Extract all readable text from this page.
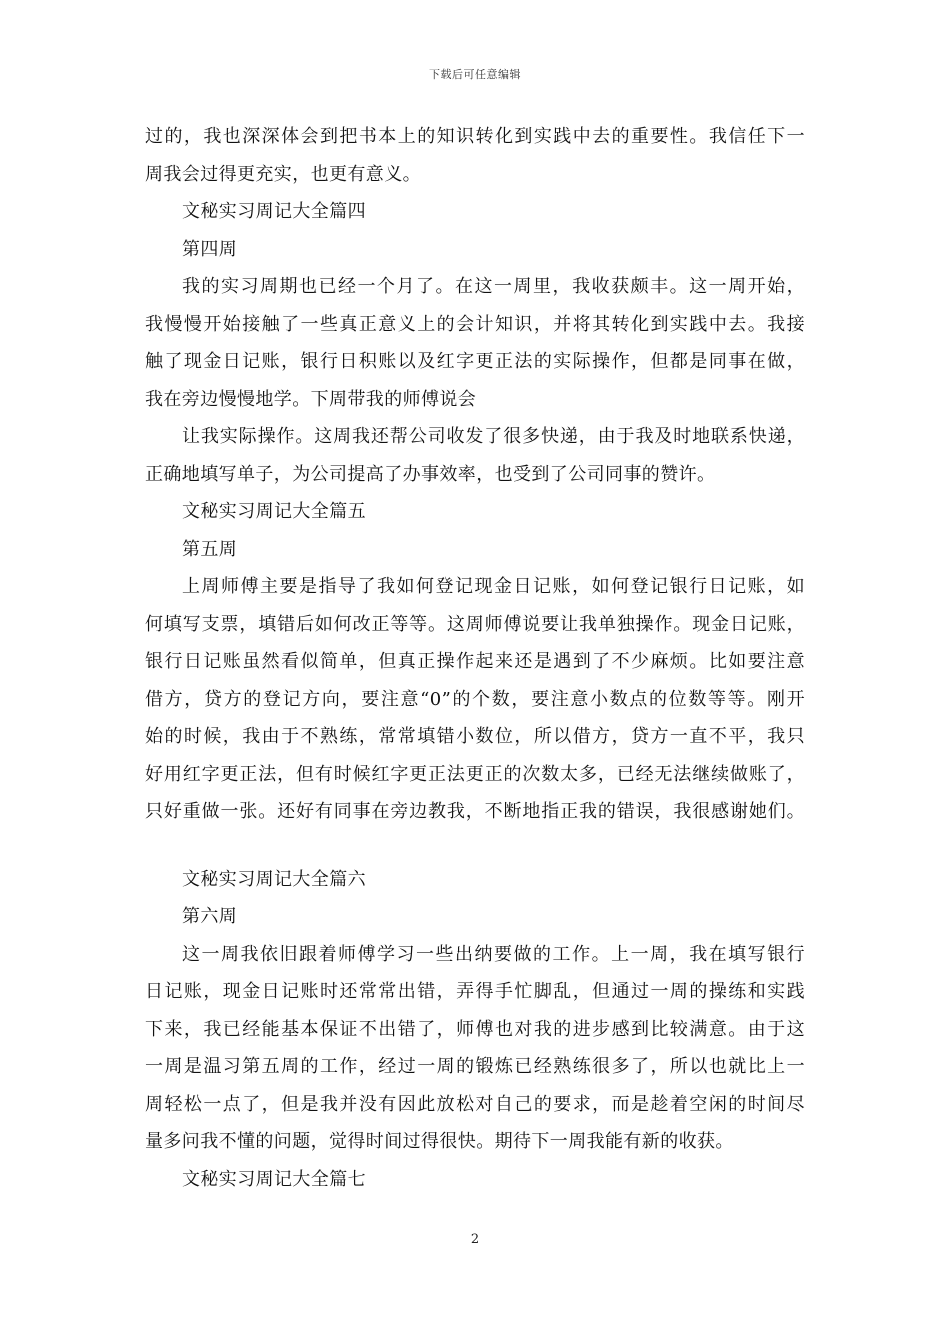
下载后可任意编辑
过的，我也深深体会到把书本上的知识转化到实践中去的重要性。我信任下一
周我会过得更充实，也更有意义。
文秘实习周记大全篇四
第四周
我的实习周期也已经一个月了。在这一周里，我收获颇丰。这一周开始，
我慢慢开始接触了一些真正意义上的会计知识，并将其转化到实践中去。我接
触了现金日记账，银行日积账以及红字更正法的实际操作，但都是同事在做，
我在旁边慢慢地学。下周带我的师傅说会
让我实际操作。这周我还帮公司收发了很多快递，由于我及时地联系快递，
正确地填写单子，为公司提高了办事效率，也受到了公司同事的赞许。
文秘实习周记大全篇五
第五周
上周师傅主要是指导了我如何登记现金日记账，如何登记银行日记账，如
何填写支票，填错后如何改正等等。这周师傅说要让我单独操作。现金日记账，
银行日记账虽然看似简单，但真正操作起来还是遇到了不少麻烦。比如要注意
借方，贷方的登记方向，要注意“0”的个数，要注意小数点的位数等等。刚开
始的时候，我由于不熟练，常常填错小数位，所以借方，贷方一直不平，我只
好用红字更正法，但有时候红字更正法更正的次数太多，已经无法继续做账了，
只好重做一张。还好有同事在旁边教我，不断地指正我的错误，我很感谢她们。
文秘实习周记大全篇六
第六周
这一周我依旧跟着师傅学习一些出纳要做的工作。上一周，我在填写银行
日记账，现金日记账时还常常出错，弄得手忙脚乱，但通过一周的操练和实践
下来，我已经能基本保证不出错了，师傅也对我的进步感到比较满意。由于这
一周是温习第五周的工作，经过一周的锻炼已经熟练很多了，所以也就比上一
周轻松一点了，但是我并没有因此放松对自己的要求，而是趁着空闲的时间尽
量多问我不懂的问题，觉得时间过得很快。期待下一周我能有新的收获。
文秘实习周记大全篇七
2
